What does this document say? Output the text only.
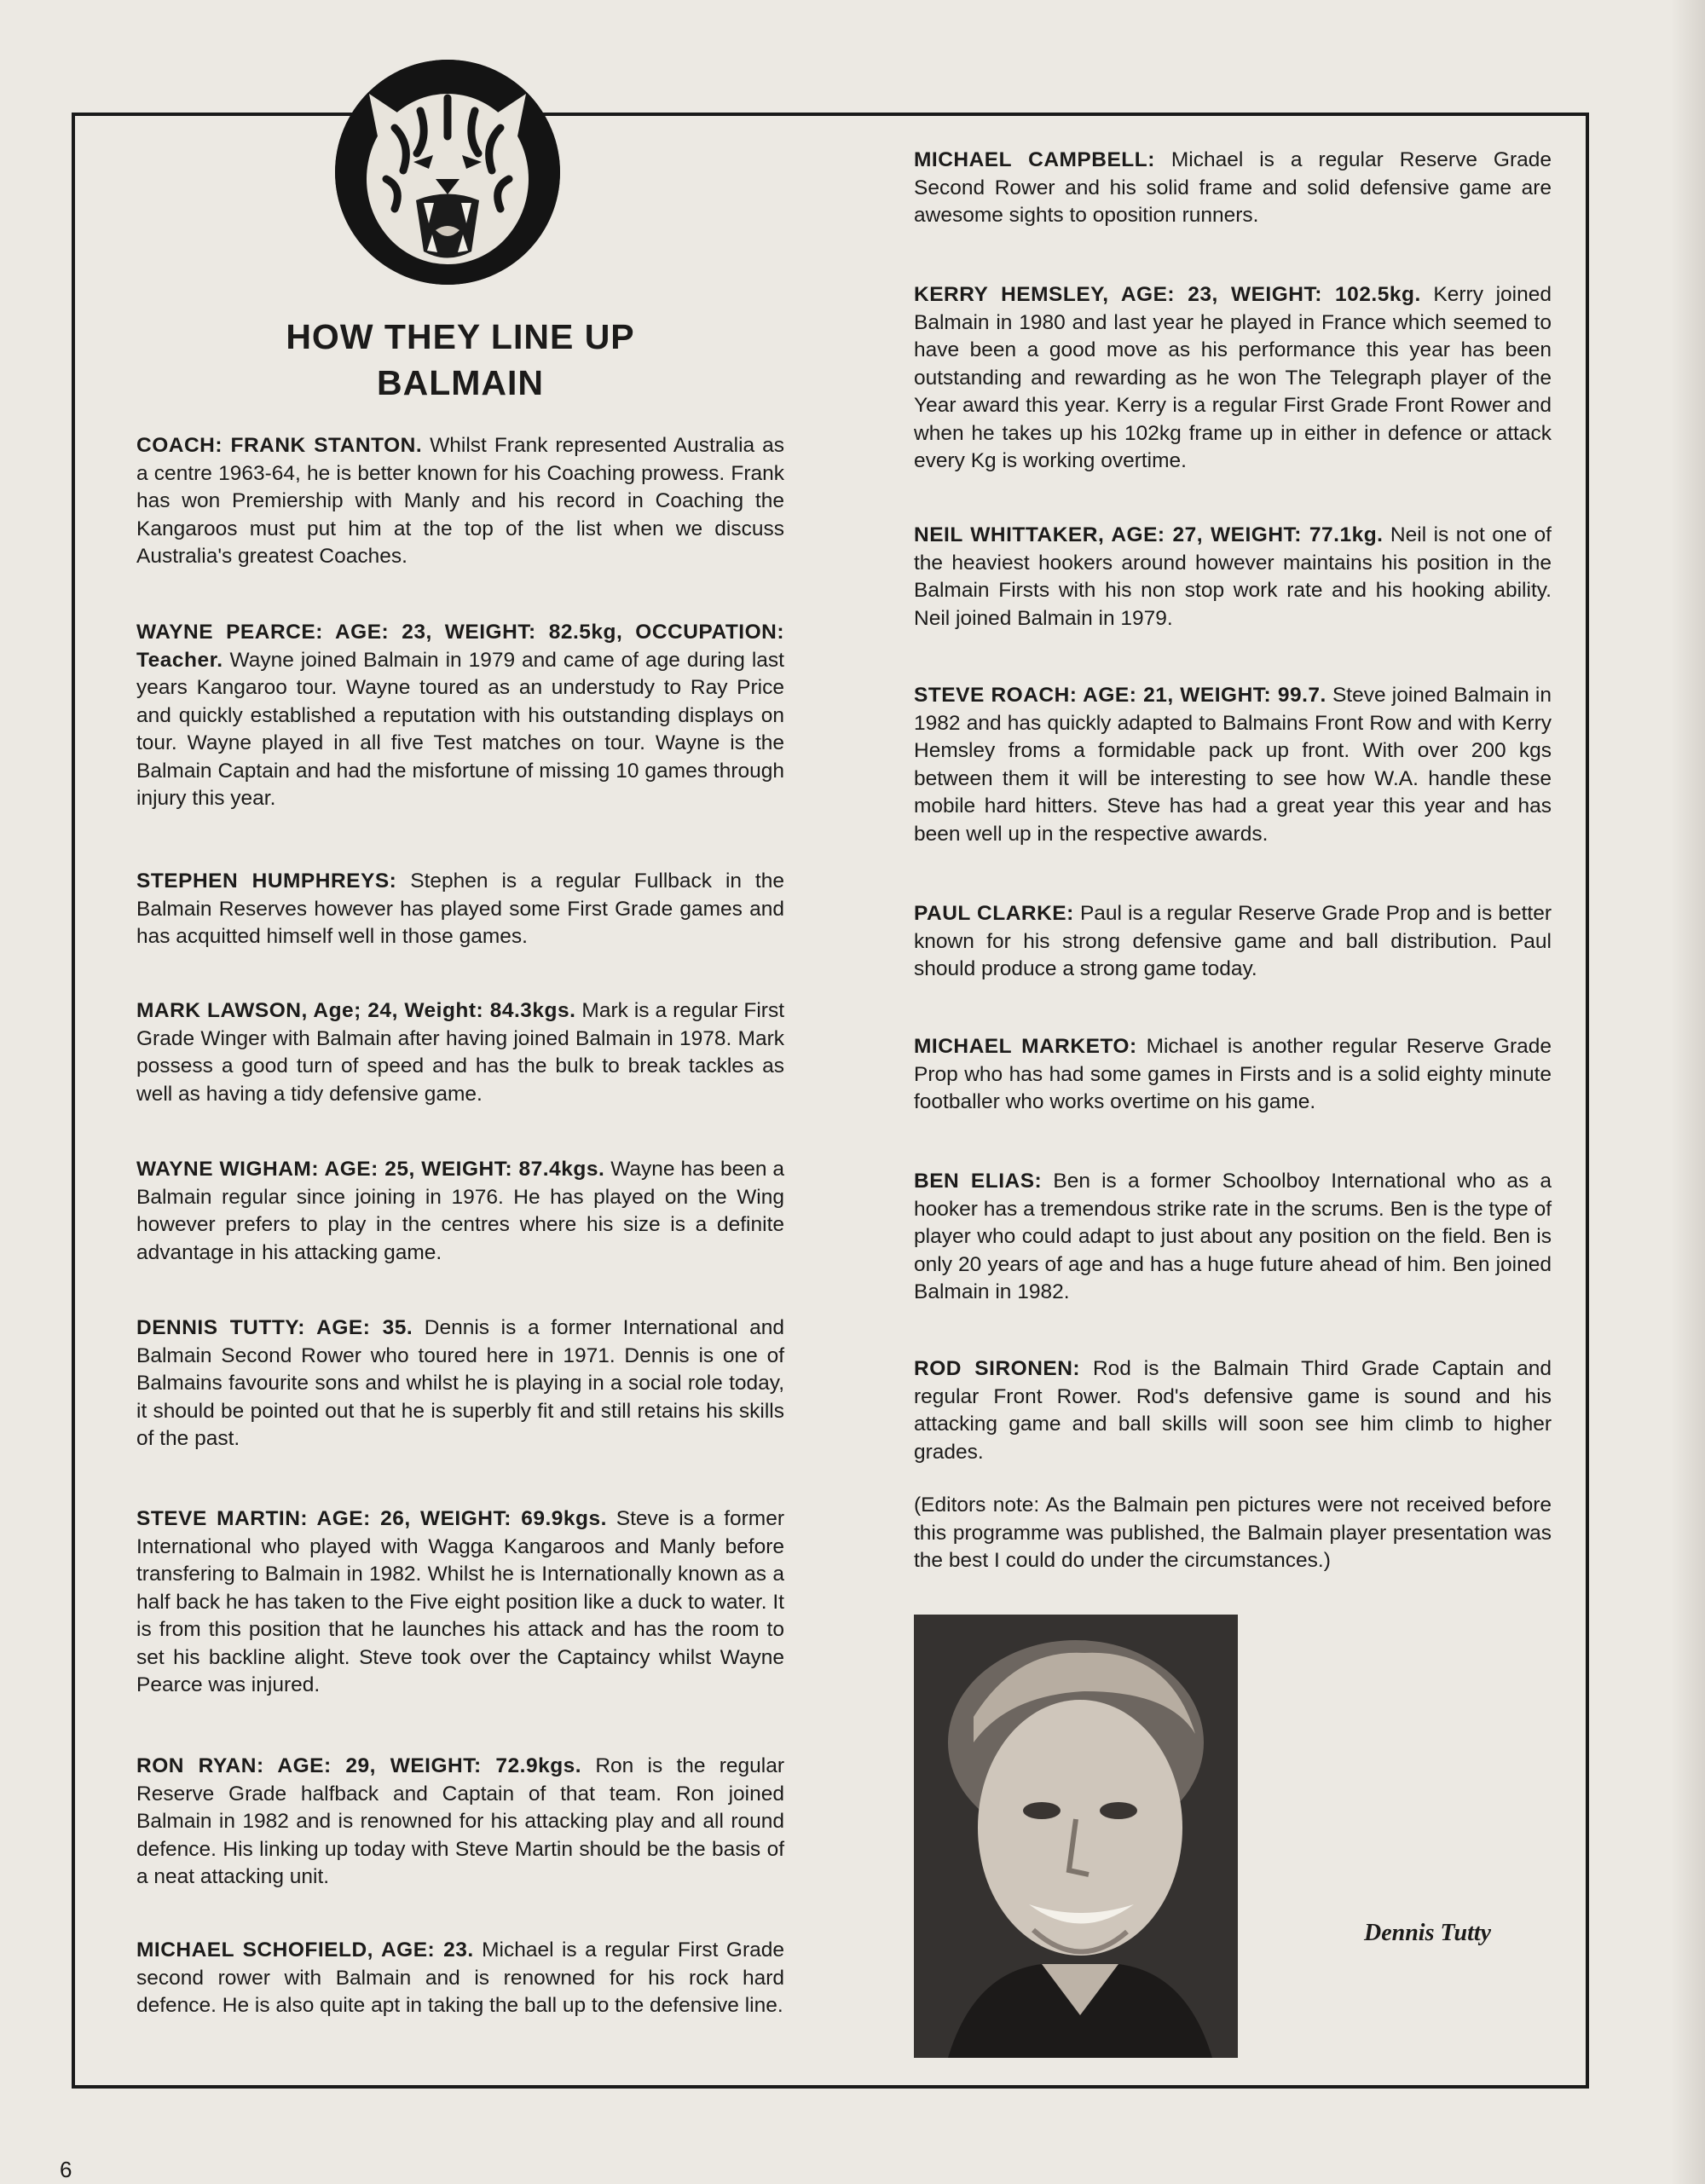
HOW THEY LINE UP
BALMAIN

COACH: FRANK STANTON. Whilst Frank represented Australia as a centre 1963-64, he is better known for his Coaching prowess. Frank has won Premiership with Manly and his record in Coaching the Kangaroos must put him at the top of the list when we discuss Australia's greatest Coaches.

WAYNE PEARCE: AGE: 23, WEIGHT: 82.5kg, OCCUPATION: Teacher. Wayne joined Balmain in 1979 and came of age during last years Kangaroo tour. Wayne toured as an understudy to Ray Price and quickly established a reputation with his outstanding displays on tour. Wayne played in all five Test matches on tour. Wayne is the Balmain Captain and had the misfortune of missing 10 games through injury this year.

STEPHEN HUMPHREYS: Stephen is a regular Fullback in the Balmain Reserves however has played some First Grade games and has acquitted himself well in those games.

MARK LAWSON, Age; 24, Weight: 84.3kgs. Mark is a regular First Grade Winger with Balmain after having joined Balmain in 1978. Mark possess a good turn of speed and has the bulk to break tackles as well as having a tidy defensive game.

WAYNE WIGHAM: AGE: 25, WEIGHT: 87.4kgs. Wayne has been a Balmain regular since joining in 1976. He has played on the Wing however prefers to play in the centres where his size is a definite advantage in his attacking game.

DENNIS TUTTY: AGE: 35. Dennis is a former International and Balmain Second Rower who toured here in 1971. Dennis is one of Balmains favourite sons and whilst he is playing in a social role today, it should be pointed out that he is superbly fit and still retains his skills of the past.

STEVE MARTIN: AGE: 26, WEIGHT: 69.9kgs. Steve is a former International who played with Wagga Kangaroos and Manly before transfering to Balmain in 1982. Whilst he is Internationally known as a half back he has taken to the Five eight position like a duck to water. It is from this position that he launches his attack and has the room to set his backline alight. Steve took over the Captaincy whilst Wayne Pearce was injured.

RON RYAN: AGE: 29, WEIGHT: 72.9kgs. Ron is the regular Reserve Grade halfback and Captain of that team. Ron joined Balmain in 1982 and is renowned for his attacking play and all round defence. His linking up today with Steve Martin should be the basis of a neat attacking unit.

MICHAEL SCHOFIELD, AGE: 23. Michael is a regular First Grade second rower with Balmain and is renowned for his rock hard defence. He is also quite apt in taking the ball up to the defensive line.

MICHAEL CAMPBELL: Michael is a regular Reserve Grade Second Rower and his solid frame and solid defensive game are awesome sights to oposition runners.

KERRY HEMSLEY, AGE: 23, WEIGHT: 102.5kg. Kerry joined Balmain in 1980 and last year he played in France which seemed to have been a good move as his performance this year has been outstanding and rewarding as he won The Telegraph player of the Year award this year. Kerry is a regular First Grade Front Rower and when he takes up his 102kg frame up in either in defence or attack every Kg is working overtime.

NEIL WHITTAKER, AGE: 27, WEIGHT: 77.1kg. Neil is not one of the heaviest hookers around however maintains his position in the Balmain Firsts with his non stop work rate and his hooking ability. Neil joined Balmain in 1979.

STEVE ROACH: AGE: 21, WEIGHT: 99.7. Steve joined Balmain in 1982 and has quickly adapted to Balmains Front Row and with Kerry Hemsley froms a formidable pack up front. With over 200 kgs between them it will be interesting to see how W.A. handle these mobile hard hitters. Steve has had a great year this year and has been well up in the respective awards.

PAUL CLARKE: Paul is a regular Reserve Grade Prop and is better known for his strong defensive game and ball distribution. Paul should produce a strong game today.

MICHAEL MARKETO: Michael is another regular Reserve Grade Prop who has had some games in Firsts and is a solid eighty minute footballer who works overtime on his game.

BEN ELIAS: Ben is a former Schoolboy International who as a hooker has a tremendous strike rate in the scrums. Ben is the type of player who could adapt to just about any position on the field. Ben is only 20 years of age and has a huge future ahead of him. Ben joined Balmain in 1982.

ROD SIRONEN: Rod is the Balmain Third Grade Captain and regular Front Rower. Rod's defensive game is sound and his attacking game and ball skills will soon see him climb to higher grades.

(Editors note: As the Balmain pen pictures were not received before this programme was published, the Balmain player presentation was the best I could do under the circumstances.)

Dennis Tutty
6
